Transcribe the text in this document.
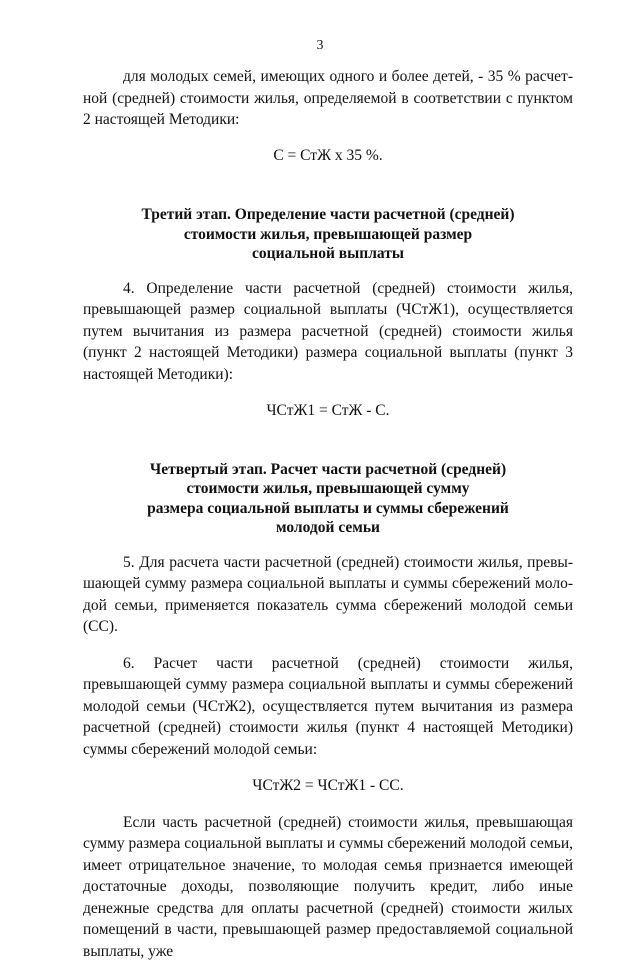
3

для молодых семей, имеющих одного и более детей, - 35 % расчетной (средней) стоимости жилья, определяемой в соответствии с пунктом 2 настоящей Методики:

С = СтЖ х 35 %.

Третий этап. Определение части расчетной (средней)
стоимости жилья, превышающей размер
социальной выплаты

4. Определение части расчетной (средней) стоимости жилья, превышающей размер социальной выплаты (ЧСтЖ1), осуществляется путем вычитания из размера расчетной (средней) стоимости жилья (пункт 2 настоящей Методики) размера социальной выплаты (пункт 3 настоящей Методики):

ЧСтЖ1 = СтЖ - С.

Четвертый этап. Расчет части расчетной (средней)
стоимости жилья, превышающей сумму
размера социальной выплаты и суммы сбережений
молодой семьи

5. Для расчета части расчетной (средней) стоимости жилья, превышающей сумму размера социальной выплаты и суммы сбережений молодой семьи, применяется показатель сумма сбережений молодой семьи (СС).

6. Расчет части расчетной (средней) стоимости жилья, превышающей сумму размера социальной выплаты и суммы сбережений молодой семьи (ЧСтЖ2), осуществляется путем вычитания из размера расчетной (средней) стоимости жилья (пункт 4 настоящей Методики) суммы сбережений молодой семьи:

ЧСтЖ2 = ЧСтЖ1 - СС.

Если часть расчетной (средней) стоимости жилья, превышающая сумму размера социальной выплаты и суммы сбережений молодой семьи, имеет отрицательное значение, то молодая семья признается имеющей достаточные доходы, позволяющие получить кредит, либо иные денежные средства для оплаты расчетной (средней) стоимости жилых помещений в части, превышающей размер предоставляемой социальной выплаты, уже
